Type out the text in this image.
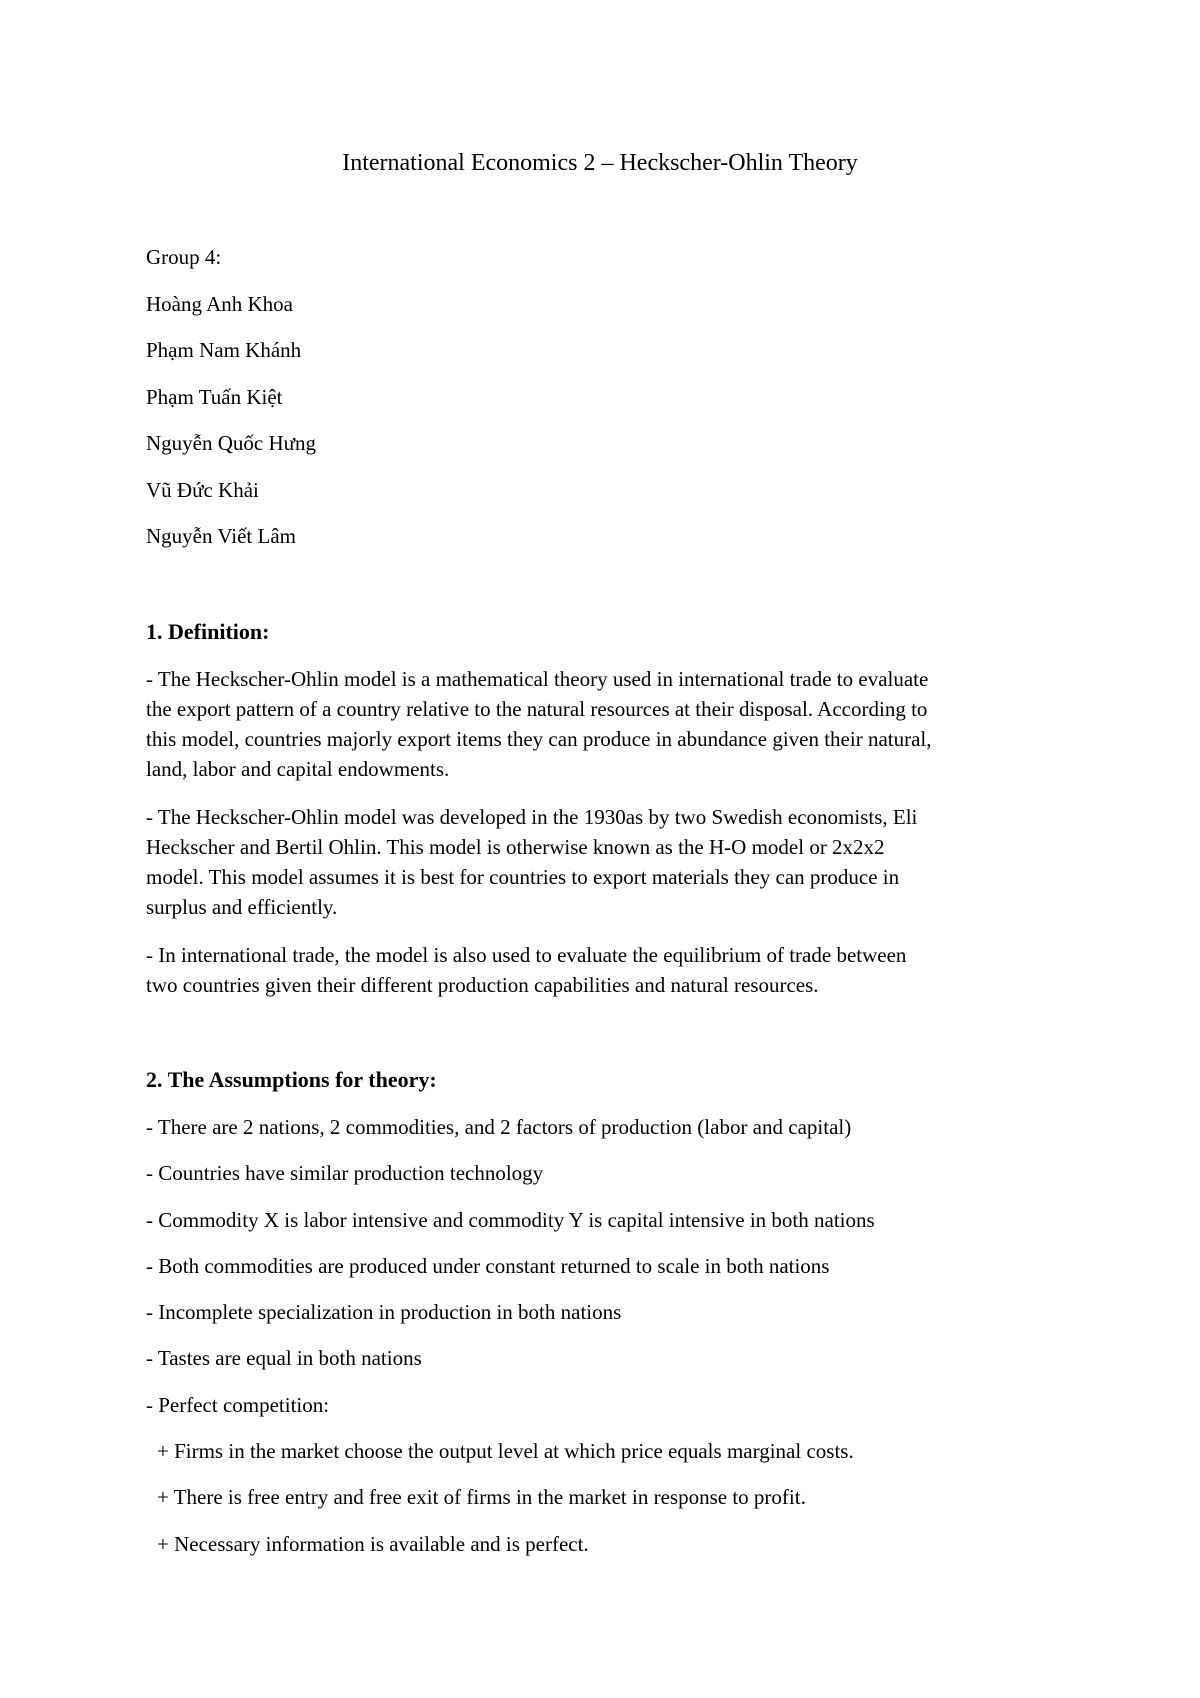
International Economics 2 – Heckscher-Ohlin Theory
Group 4:
Hoàng Anh Khoa
Phạm Nam Khánh
Phạm Tuấn Kiệt
Nguyễn Quốc Hưng
Vũ Đức Khải
Nguyễn Viết Lâm
1. Definition:
- The Heckscher-Ohlin model is a mathematical theory used in international trade to evaluate
the export pattern of a country relative to the natural resources at their disposal. According to
this model, countries majorly export items they can produce in abundance given their natural,
land, labor and capital endowments.
- The Heckscher-Ohlin model was developed in the 1930as by two Swedish economists, Eli
Heckscher and Bertil Ohlin. This model is otherwise known as the H-O model or 2x2x2
model. This model assumes it is best for countries to export materials they can produce in
surplus and efficiently.
- In international trade, the model is also used to evaluate the equilibrium of trade between
two countries given their different production capabilities and natural resources.
2. The Assumptions for theory:
- There are 2 nations, 2 commodities, and 2 factors of production (labor and capital)
- Countries have similar production technology
- Commodity X is labor intensive and commodity Y is capital intensive in both nations
- Both commodities are produced under constant returned to scale in both nations
- Incomplete specialization in production in both nations
- Tastes are equal in both nations
- Perfect competition:
+ Firms in the market choose the output level at which price equals marginal costs.
+ There is free entry and free exit of firms in the market in response to profit.
+ Necessary information is available and is perfect.
